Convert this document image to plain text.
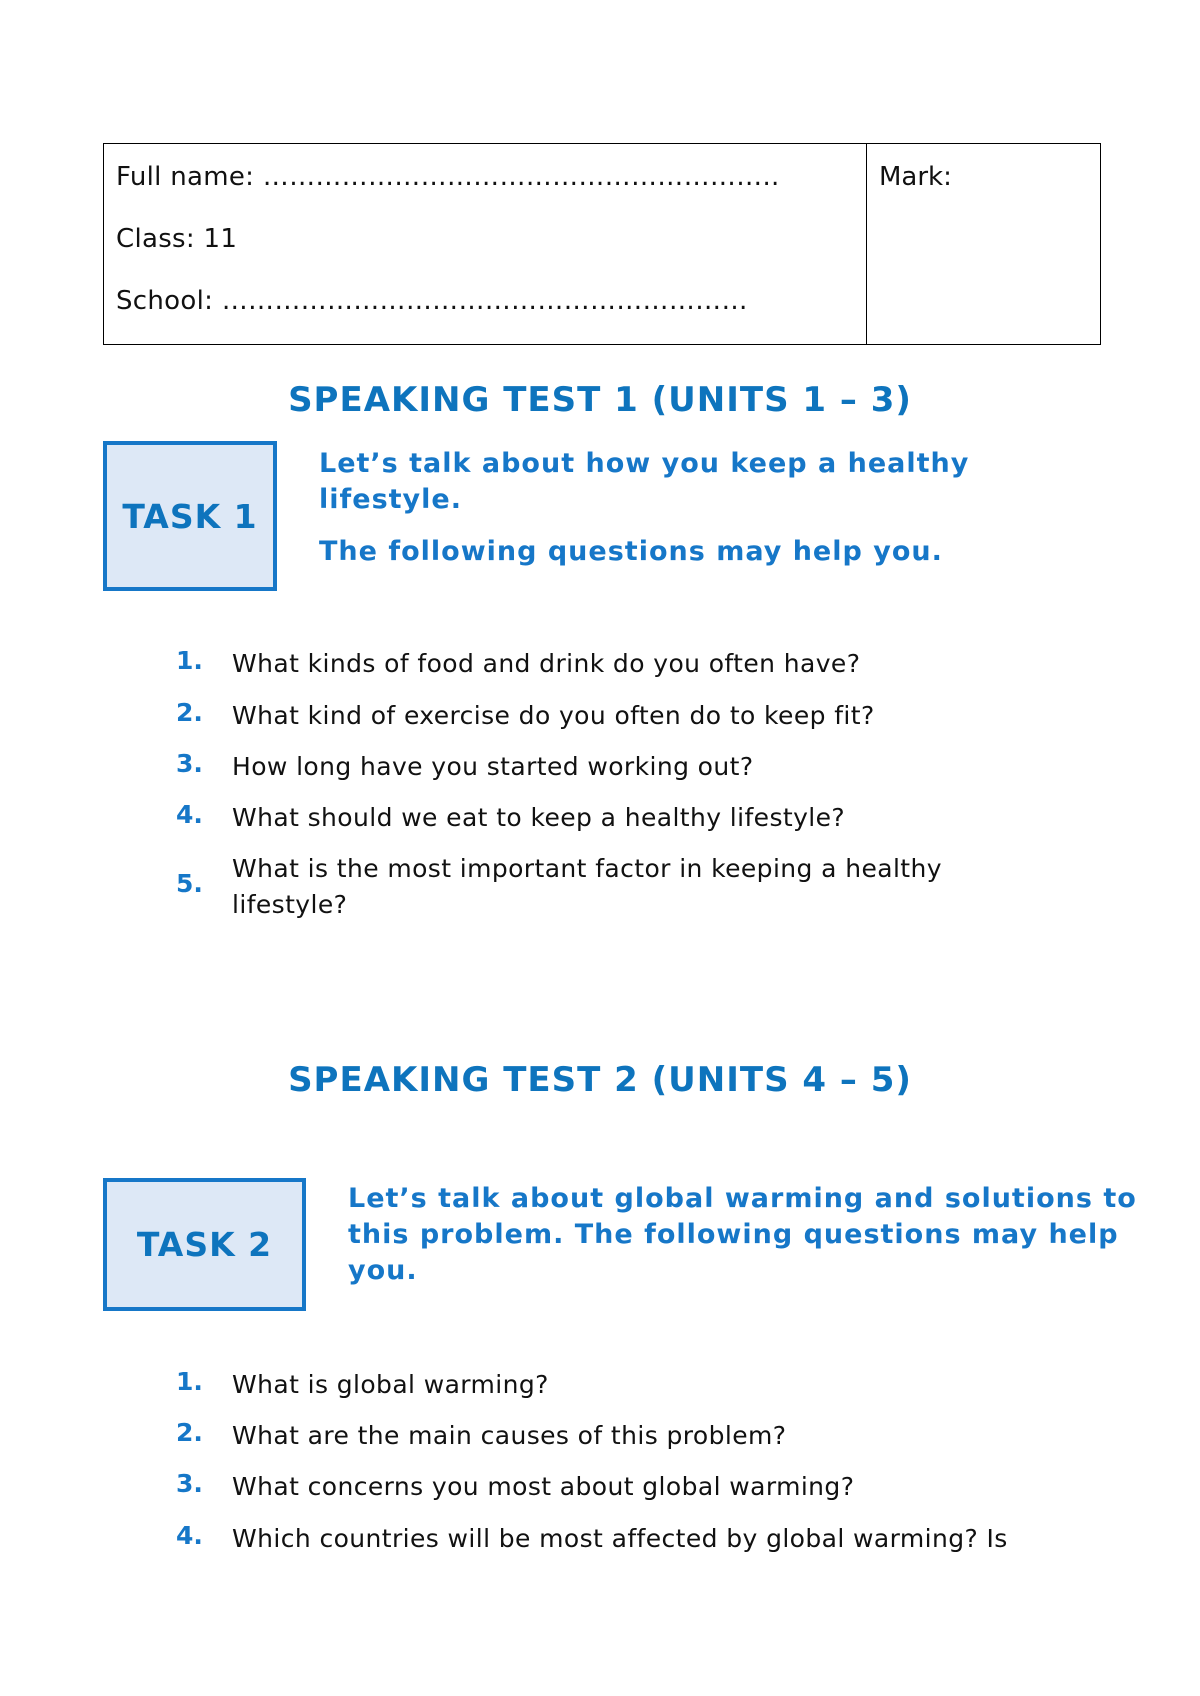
Full name: …………………………………………………..
Class: 11
School: ……………………………………………………
Mark:
SPEAKING TEST 1 (UNITS 1 – 3)
TASK 1

Let’s talk about how you keep a healthy lifestyle.

The following questions may help you.

1.	What kinds of food and drink do you often have?
2.	What kind of exercise do you often do to keep fit?
3.	How long have you started working out?
4.	What should we eat to keep a healthy lifestyle?
5.
What is the most important factor in keeping a healthy lifestyle?
SPEAKING TEST 2 (UNITS 4 – 5)
TASK 2

Let’s talk about global warming and solutions to this problem. The following questions may help you.

1.	What is global warming?
2.	What are the main causes of this problem?
3.	What concerns you most about global warming?
4.	Which countries will be most affected by global warming? Is
